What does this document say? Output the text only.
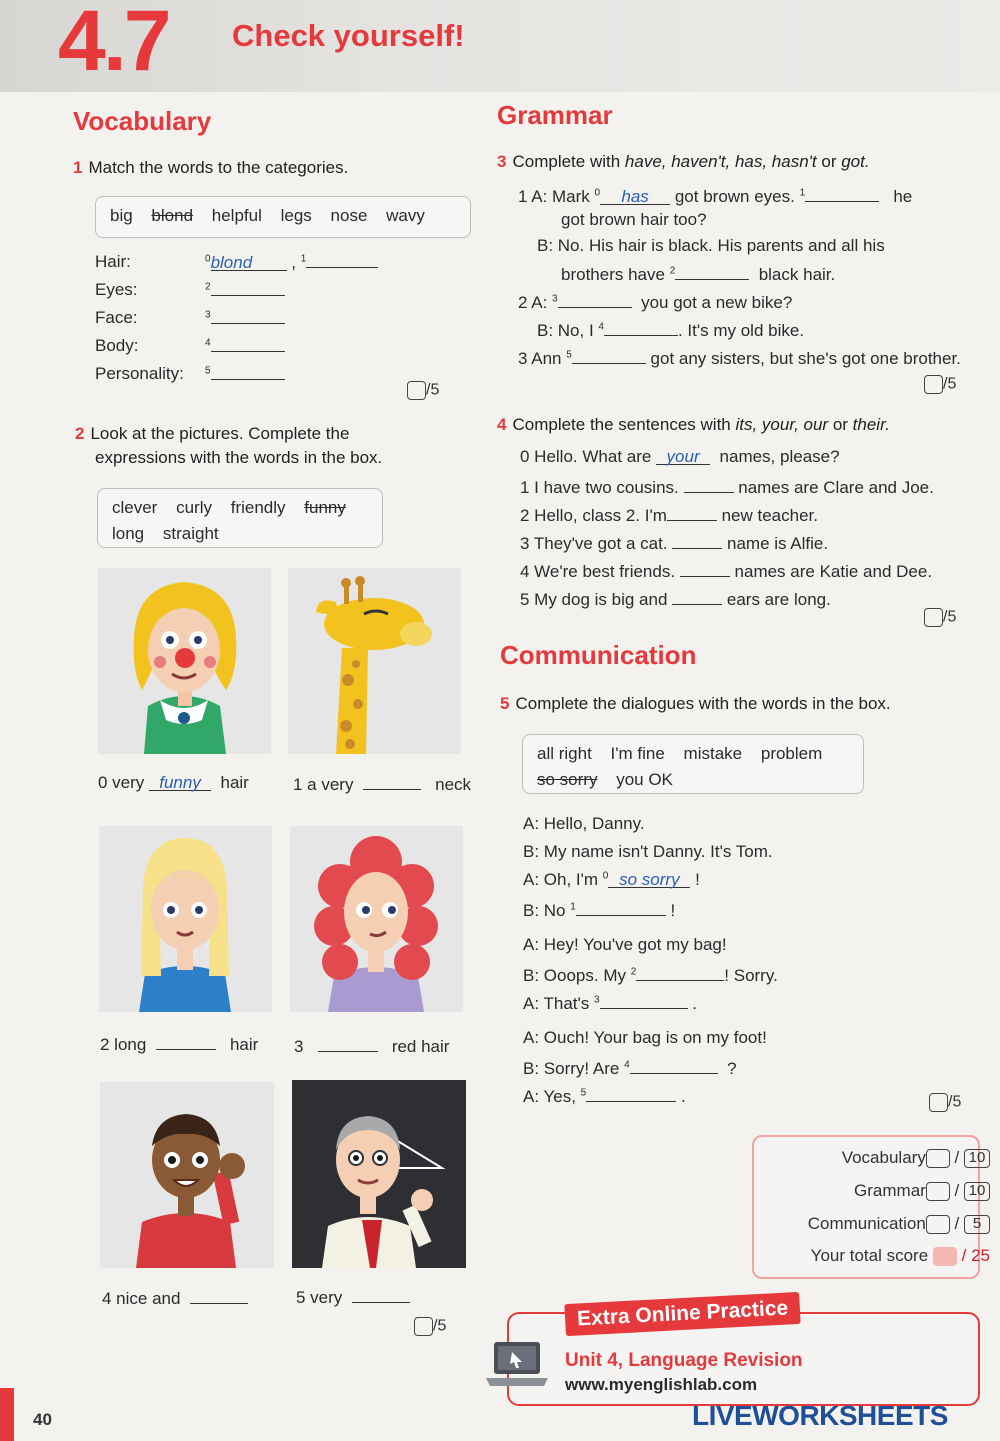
4.7 Check yourself!
Vocabulary
1 Match the words to the categories.
big blond helpful legs nose wavy
Hair:	$^0$blond , $^1$
Eyes:	$^2$
Face:	$^3$
Body:	$^4$
Personality: $^5$
/5
2 Look at the pictures. Complete the
expressions with the words in the box.
clever curly friendly funny
long straight
0 very funny hair	1 a very	neck
2 long	hair 3	red hair
4 nice and	5 very
/5
Grammar
3 Complete with have, haven't, has, hasn't or got.
1 A: Mark $^0$ has got brown eyes. $^1$	he
got brown hair too?
B: No. His hair is black. His parents and all his
brothers have $^2$	black hair.
2 A: $^3$	you got a new bike?
B: No, I $^4$	. It's my old bike.
3 Ann $^5$	got any sisters, but she's got one brother.
/5
4 Complete the sentences with its, your, our or their.
0 Hello. What are your names, please?
1 I have two cousins.	names are Clare and Joe.
2 Hello, class 2. I'm	new teacher.
3 They've got a cat.	name is Alfie.
4 We're best friends.	names are Katie and Dee.
5 My dog is big and	ears are long.
/5
Communication
5 Complete the dialogues with the words in the box.
all right I'm fine mistake problem
so sorry you OK
A: Hello, Danny.
B: My name isn't Danny. It's Tom.
A: Oh, I'm $^0$ so sorry !
B: No $^1$	!
A: Hey! You've got my bag!
B: Ooops. My $^2$	! Sorry.
A: That's $^3$	.
A: Ouch! Your bag is on my foot!
B: Sorry! Are $^4$	?
A: Yes, $^5$	.	/5
Vocabulary / 10
Grammar / 10
Communication / 5
Your total score / 25
Extra Online Practice
Unit 4, Language Revision
www.myenglishlab.com
40	LIVEWORKSHEETS
